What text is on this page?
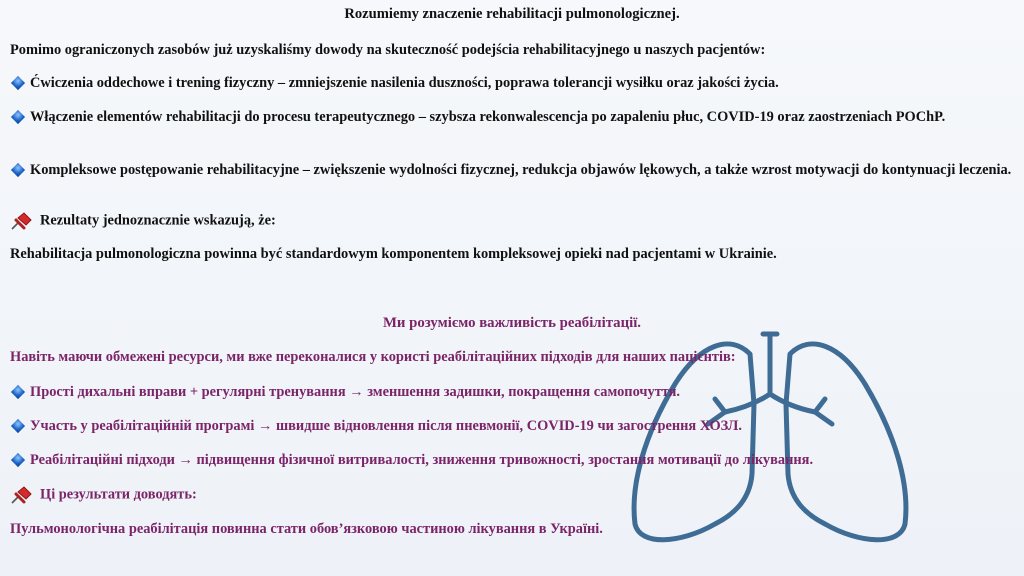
Rozumiemy znaczenie rehabilitacji pulmonologicznej.
Pomimo ograniczonych zasobów już uzyskaliśmy dowody na skuteczność podejścia rehabilitacyjnego u naszych pacjentów:
Ćwiczenia oddechowe i trening fizyczny – zmniejszenie nasilenia duszności, poprawa tolerancji wysiłku oraz jakości życia.
Włączenie elementów rehabilitacji do procesu terapeutycznego – szybsza rekonwalescencja po zapaleniu płuc, COVID-19 oraz zaostrzeniach POChP.
Kompleksowe postępowanie rehabilitacyjne – zwiększenie wydolności fizycznej, redukcja objawów lękowych, a także wzrost motywacji do kontynuacji leczenia.
Rezultaty jednoznacznie wskazują, że:
Rehabilitacja pulmonologiczna powinna być standardowym komponentem kompleksowej opieki nad pacjentami w Ukrainie.
Ми розуміємо важливість реабілітації.
Навіть маючи обмежені ресурси, ми вже переконалися у користі реабілітаційних підходів для наших пацієнтів:
Прості дихальні вправи + регулярні тренування → зменшення задишки, покращення самопочуття.
Участь у реабілітаційній програмі → швидше відновлення після пневмонії, COVID-19 чи загострення ХОЗЛ.
Реабілітаційні підходи → підвищення фізичної витривалості, зниження тривожності, зростання мотивації до лікування.
Ці результати доводять:
Пульмонологічна реабілітація повинна стати обов’язковою частиною лікування в Україні.
